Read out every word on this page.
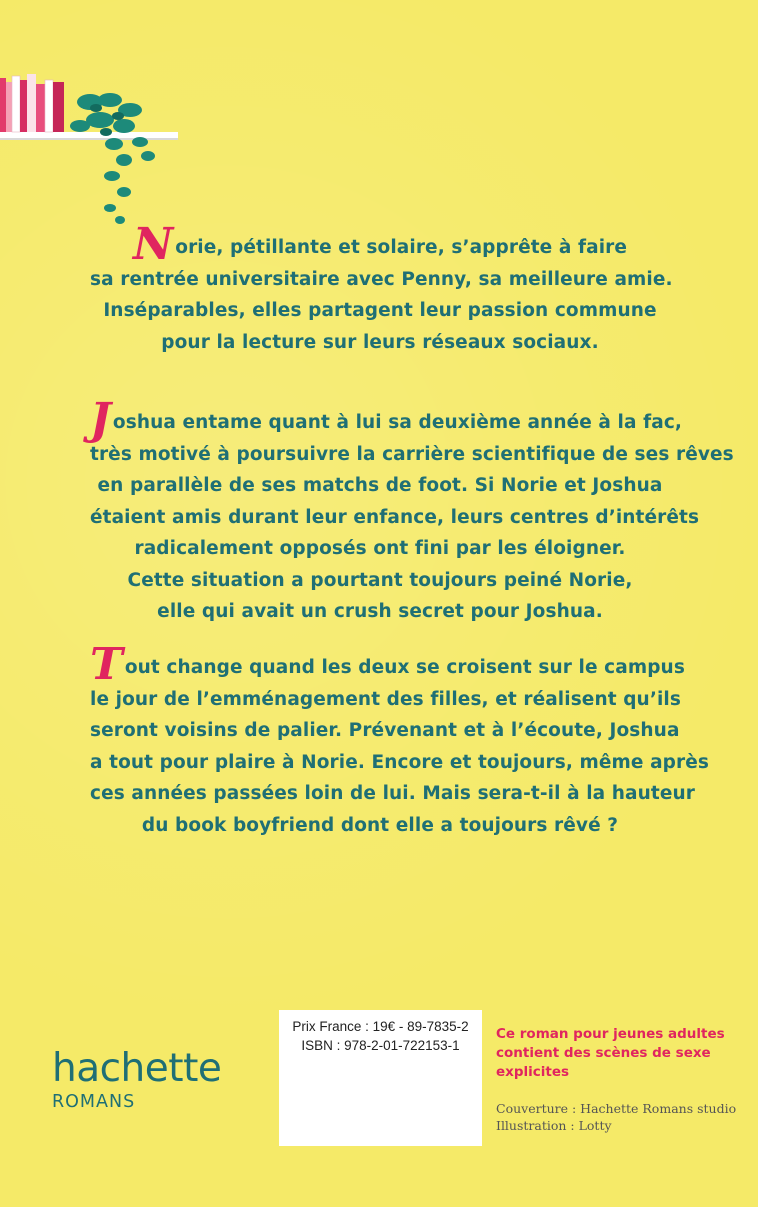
Norie, pétillante et solaire, s’apprête à faire
sa rentrée universitaire avec Penny, sa meilleure amie.
Inséparables, elles partagent leur passion commune
pour la lecture sur leurs réseaux sociaux.
Joshua entame quant à lui sa deuxième année à la fac,
très motivé à poursuivre la carrière scientifique de ses rêves
en parallèle de ses matchs de foot. Si Norie et Joshua
étaient amis durant leur enfance, leurs centres d’intérêts
radicalement opposés ont fini par les éloigner.
Cette situation a pourtant toujours peiné Norie,
elle qui avait un crush secret pour Joshua.
Tout change quand les deux se croisent sur le campus
le jour de l’emménagement des filles, et réalisent qu’ils
seront voisins de palier. Prévenant et à l’écoute, Joshua
a tout pour plaire à Norie. Encore et toujours, même après
ces années passées loin de lui. Mais sera-t-il à la hauteur
du book boyfriend dont elle a toujours rêvé ?
hachette
ROMANS
Prix France : 19€ - 89-7835-2
ISBN : 978-2-01-722153-1
Ce roman pour jeunes adultes
contient des scènes de sexe
explicites
Couverture : Hachette Romans studio
Illustration : Lotty
